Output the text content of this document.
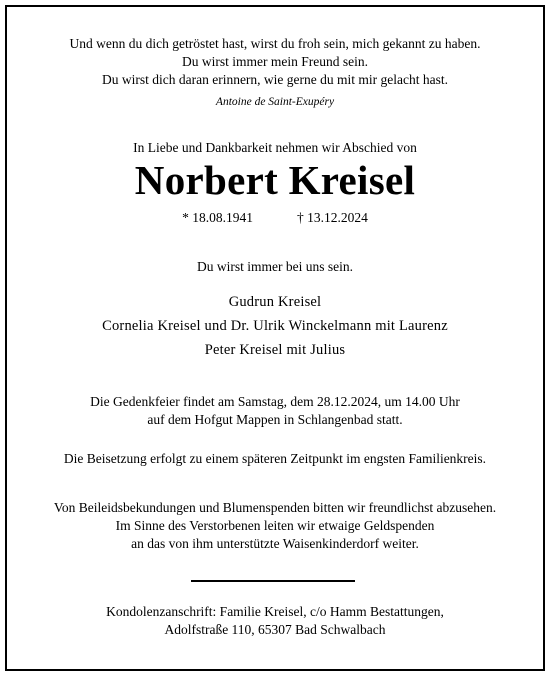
Und wenn du dich getröstet hast, wirst du froh sein, mich gekannt zu haben.
Du wirst immer mein Freund sein.
Du wirst dich daran erinnern, wie gerne du mit mir gelacht hast.
Antoine de Saint-Exupéry
In Liebe und Dankbarkeit nehmen wir Abschied von
Norbert Kreisel
* 18.08.1941	† 13.12.2024
Du wirst immer bei uns sein.
Gudrun Kreisel
Cornelia Kreisel und Dr. Ulrik Winckelmann mit Laurenz
Peter Kreisel mit Julius
Die Gedenkfeier findet am Samstag, dem 28.12.2024, um 14.00 Uhr
auf dem Hofgut Mappen in Schlangenbad statt.
Die Beisetzung erfolgt zu einem späteren Zeitpunkt im engsten Familienkreis.
Von Beileidsbekundungen und Blumenspenden bitten wir freundlichst abzusehen.
Im Sinne des Verstorbenen leiten wir etwaige Geldspenden
an das von ihm unterstützte Waisenkinderdorf weiter.
Kondolenzanschrift: Familie Kreisel, c/o Hamm Bestattungen,
Adolfstraße 110, 65307 Bad Schwalbach
